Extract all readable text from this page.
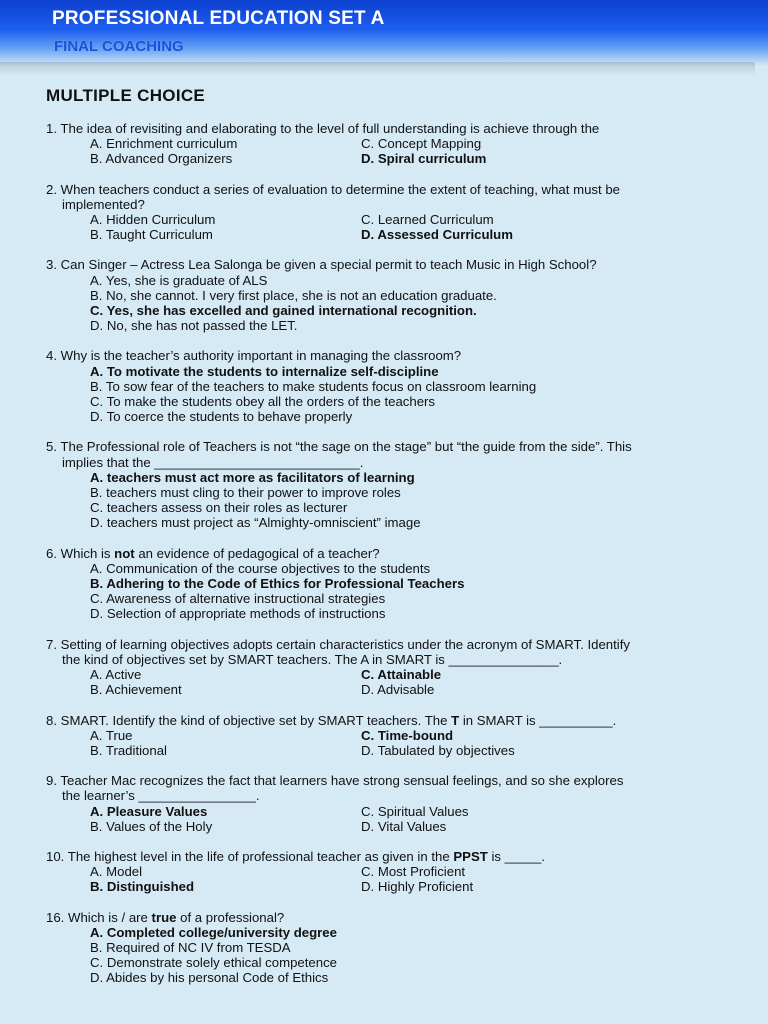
PROFESSIONAL EDUCATION SET A
FINAL COACHING
MULTIPLE CHOICE
1. The idea of revisiting and elaborating to the level of full understanding is achieve through the
A. Enrichment curriculum	C. Concept Mapping
B. Advanced Organizers	D. Spiral curriculum
2. When teachers conduct a series of evaluation to determine the extent of teaching, what must be
implemented?
A. Hidden Curriculum	C. Learned Curriculum
B. Taught Curriculum	D. Assessed Curriculum
3. Can Singer – Actress Lea Salonga be given a special permit to teach Music in High School?
A. Yes, she is graduate of ALS
B. No, she cannot. I very first place, she is not an education graduate.
C. Yes, she has excelled and gained international recognition.
D. No, she has not passed the LET.
4. Why is the teacher’s authority important in managing the classroom?
A. To motivate the students to internalize self-discipline
B. To sow fear of the teachers to make students focus on classroom learning
C. To make the students obey all the orders of the teachers
D. To coerce the students to behave properly
5. The Professional role of Teachers is not “the sage on the stage” but “the guide from the side”. This
implies that the ____________________________.
A. teachers must act more as facilitators of learning
B. teachers must cling to their power to improve roles
C. teachers assess on their roles as lecturer
D. teachers must project as “Almighty-omniscient” image
6. Which is not an evidence of pedagogical of a teacher?
A. Communication of the course objectives to the students
B. Adhering to the Code of Ethics for Professional Teachers
C. Awareness of alternative instructional strategies
D. Selection of appropriate methods of instructions
7. Setting of learning objectives adopts certain characteristics under the acronym of SMART. Identify
the kind of objectives set by SMART teachers. The A in SMART is _______________.
A. Active	C. Attainable
B. Achievement	D. Advisable
8. SMART. Identify the kind of objective set by SMART teachers. The T in SMART is __________.
A. True	C. Time-bound
B. Traditional	D. Tabulated by objectives
9. Teacher Mac recognizes the fact that learners have strong sensual feelings, and so she explores
the learner’s ________________.
A. Pleasure Values	C. Spiritual Values
B. Values of the Holy	D. Vital Values
10. The highest level in the life of professional teacher as given in the PPST is _____.
A. Model	C. Most Proficient
B. Distinguished	D. Highly Proficient
16. Which is / are true of a professional?
A. Completed college/university degree
B. Required of NC IV from TESDA
C. Demonstrate solely ethical competence
D. Abides by his personal Code of Ethics
